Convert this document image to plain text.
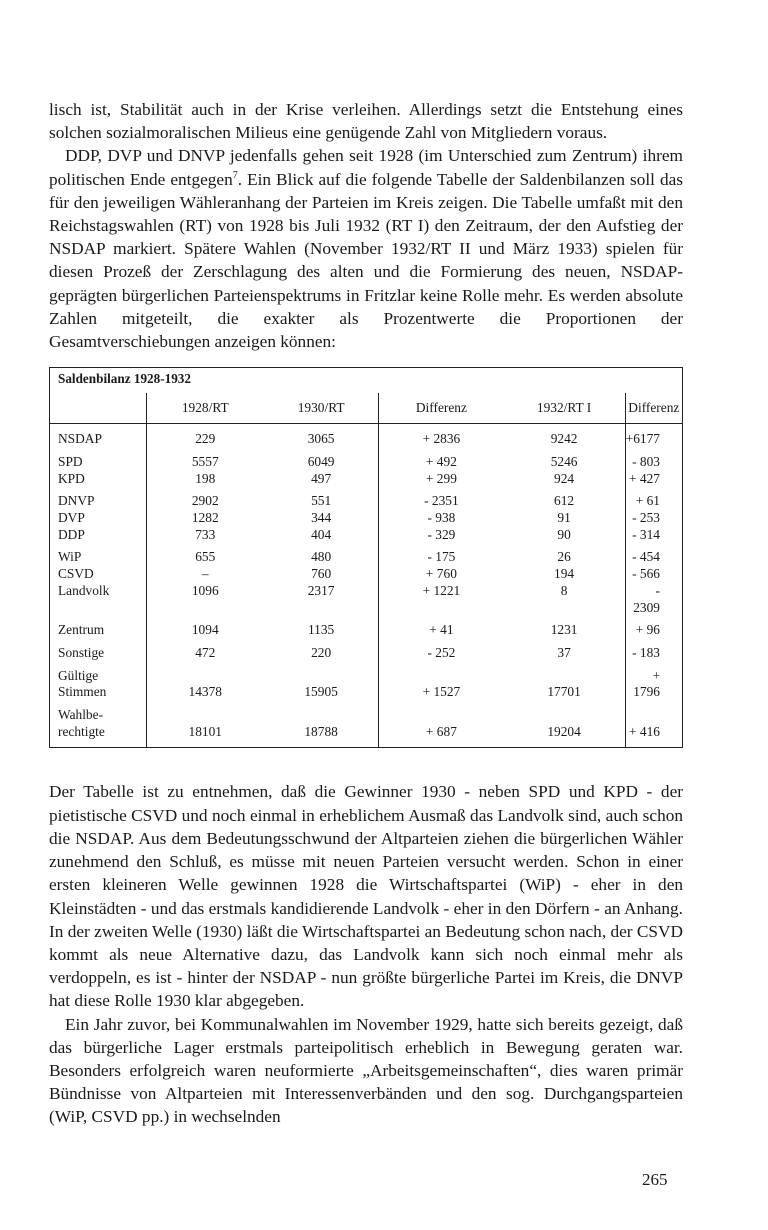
lisch ist, Stabilität auch in der Krise verleihen. Allerdings setzt die Entstehung eines solchen sozialmoralischen Milieus eine genügende Zahl von Mitgliedern voraus.

DDP, DVP und DNVP jedenfalls gehen seit 1928 (im Unterschied zum Zentrum) ihrem politischen Ende entgegen$^7$. Ein Blick auf die folgende Tabelle der Saldenbilanzen soll das für den jeweiligen Wähleranhang der Parteien im Kreis zeigen. Die Tabelle umfaßt mit den Reichstagswahlen (RT) von 1928 bis Juli 1932 (RT I) den Zeitraum, der den Aufstieg der NSDAP markiert. Spätere Wahlen (November 1932/RT II und März 1933) spielen für diesen Prozeß der Zerschlagung des alten und die Formierung des neuen, NSDAP-geprägten bürgerlichen Parteienspektrums in Fritzlar keine Rolle mehr. Es werden absolute Zahlen mitgeteilt, die exakter als Prozentwerte die Proportionen der Gesamtverschiebungen anzeigen können:

Saldenbilanz 1928-1932
	1928/RT	1930/RT	Differenz	1932/RT I	Differenz
NSDAP	229	3065	+ 2836	9242	+6177
SPD	5557	6049	+ 492	5246	- 803
KPD	198	497	+ 299	924	+ 427
DNVP	2902	551	- 2351	612	+ 61
DVP	1282	344	- 938	91	- 253
DDP	733	404	- 329	90	- 314
WiP	655	480	- 175	26	- 454
CSVD	–	760	+ 760	194	- 566
Landvolk	1096	2317	+ 1221	8	- 2309
Zentrum	1094	1135	+ 41	1231	+ 96
Sonstige	472	220	- 252	37	- 183
Gültige Stimmen	14378	15905	+ 1527	17701	+ 1796
Wahlbe- rechtigte	18101	18788	+ 687	19204	+ 416

Der Tabelle ist zu entnehmen, daß die Gewinner 1930 - neben SPD und KPD - der pietistische CSVD und noch einmal in erheblichem Ausmaß das Landvolk sind, auch schon die NSDAP. Aus dem Bedeutungsschwund der Altparteien ziehen die bürgerlichen Wähler zunehmend den Schluß, es müsse mit neuen Parteien versucht werden. Schon in einer ersten kleineren Welle gewinnen 1928 die Wirtschaftspartei (WiP) - eher in den Kleinstädten - und das erstmals kandidierende Landvolk - eher in den Dörfern - an Anhang. In der zweiten Welle (1930) läßt die Wirtschaftspartei an Bedeutung schon nach, der CSVD kommt als neue Alternative dazu, das Landvolk kann sich noch einmal mehr als verdoppeln, es ist - hinter der NSDAP - nun größte bürgerliche Partei im Kreis, die DNVP hat diese Rolle 1930 klar abgegeben.

Ein Jahr zuvor, bei Kommunalwahlen im November 1929, hatte sich bereits gezeigt, daß das bürgerliche Lager erstmals parteipolitisch erheblich in Bewegung geraten war. Besonders erfolgreich waren neuformierte „Arbeitsgemeinschaften“, dies waren primär Bündnisse von Altparteien mit Interessenverbänden und den sog. Durchgangsparteien (WiP, CSVD pp.) in wechselnden

265
